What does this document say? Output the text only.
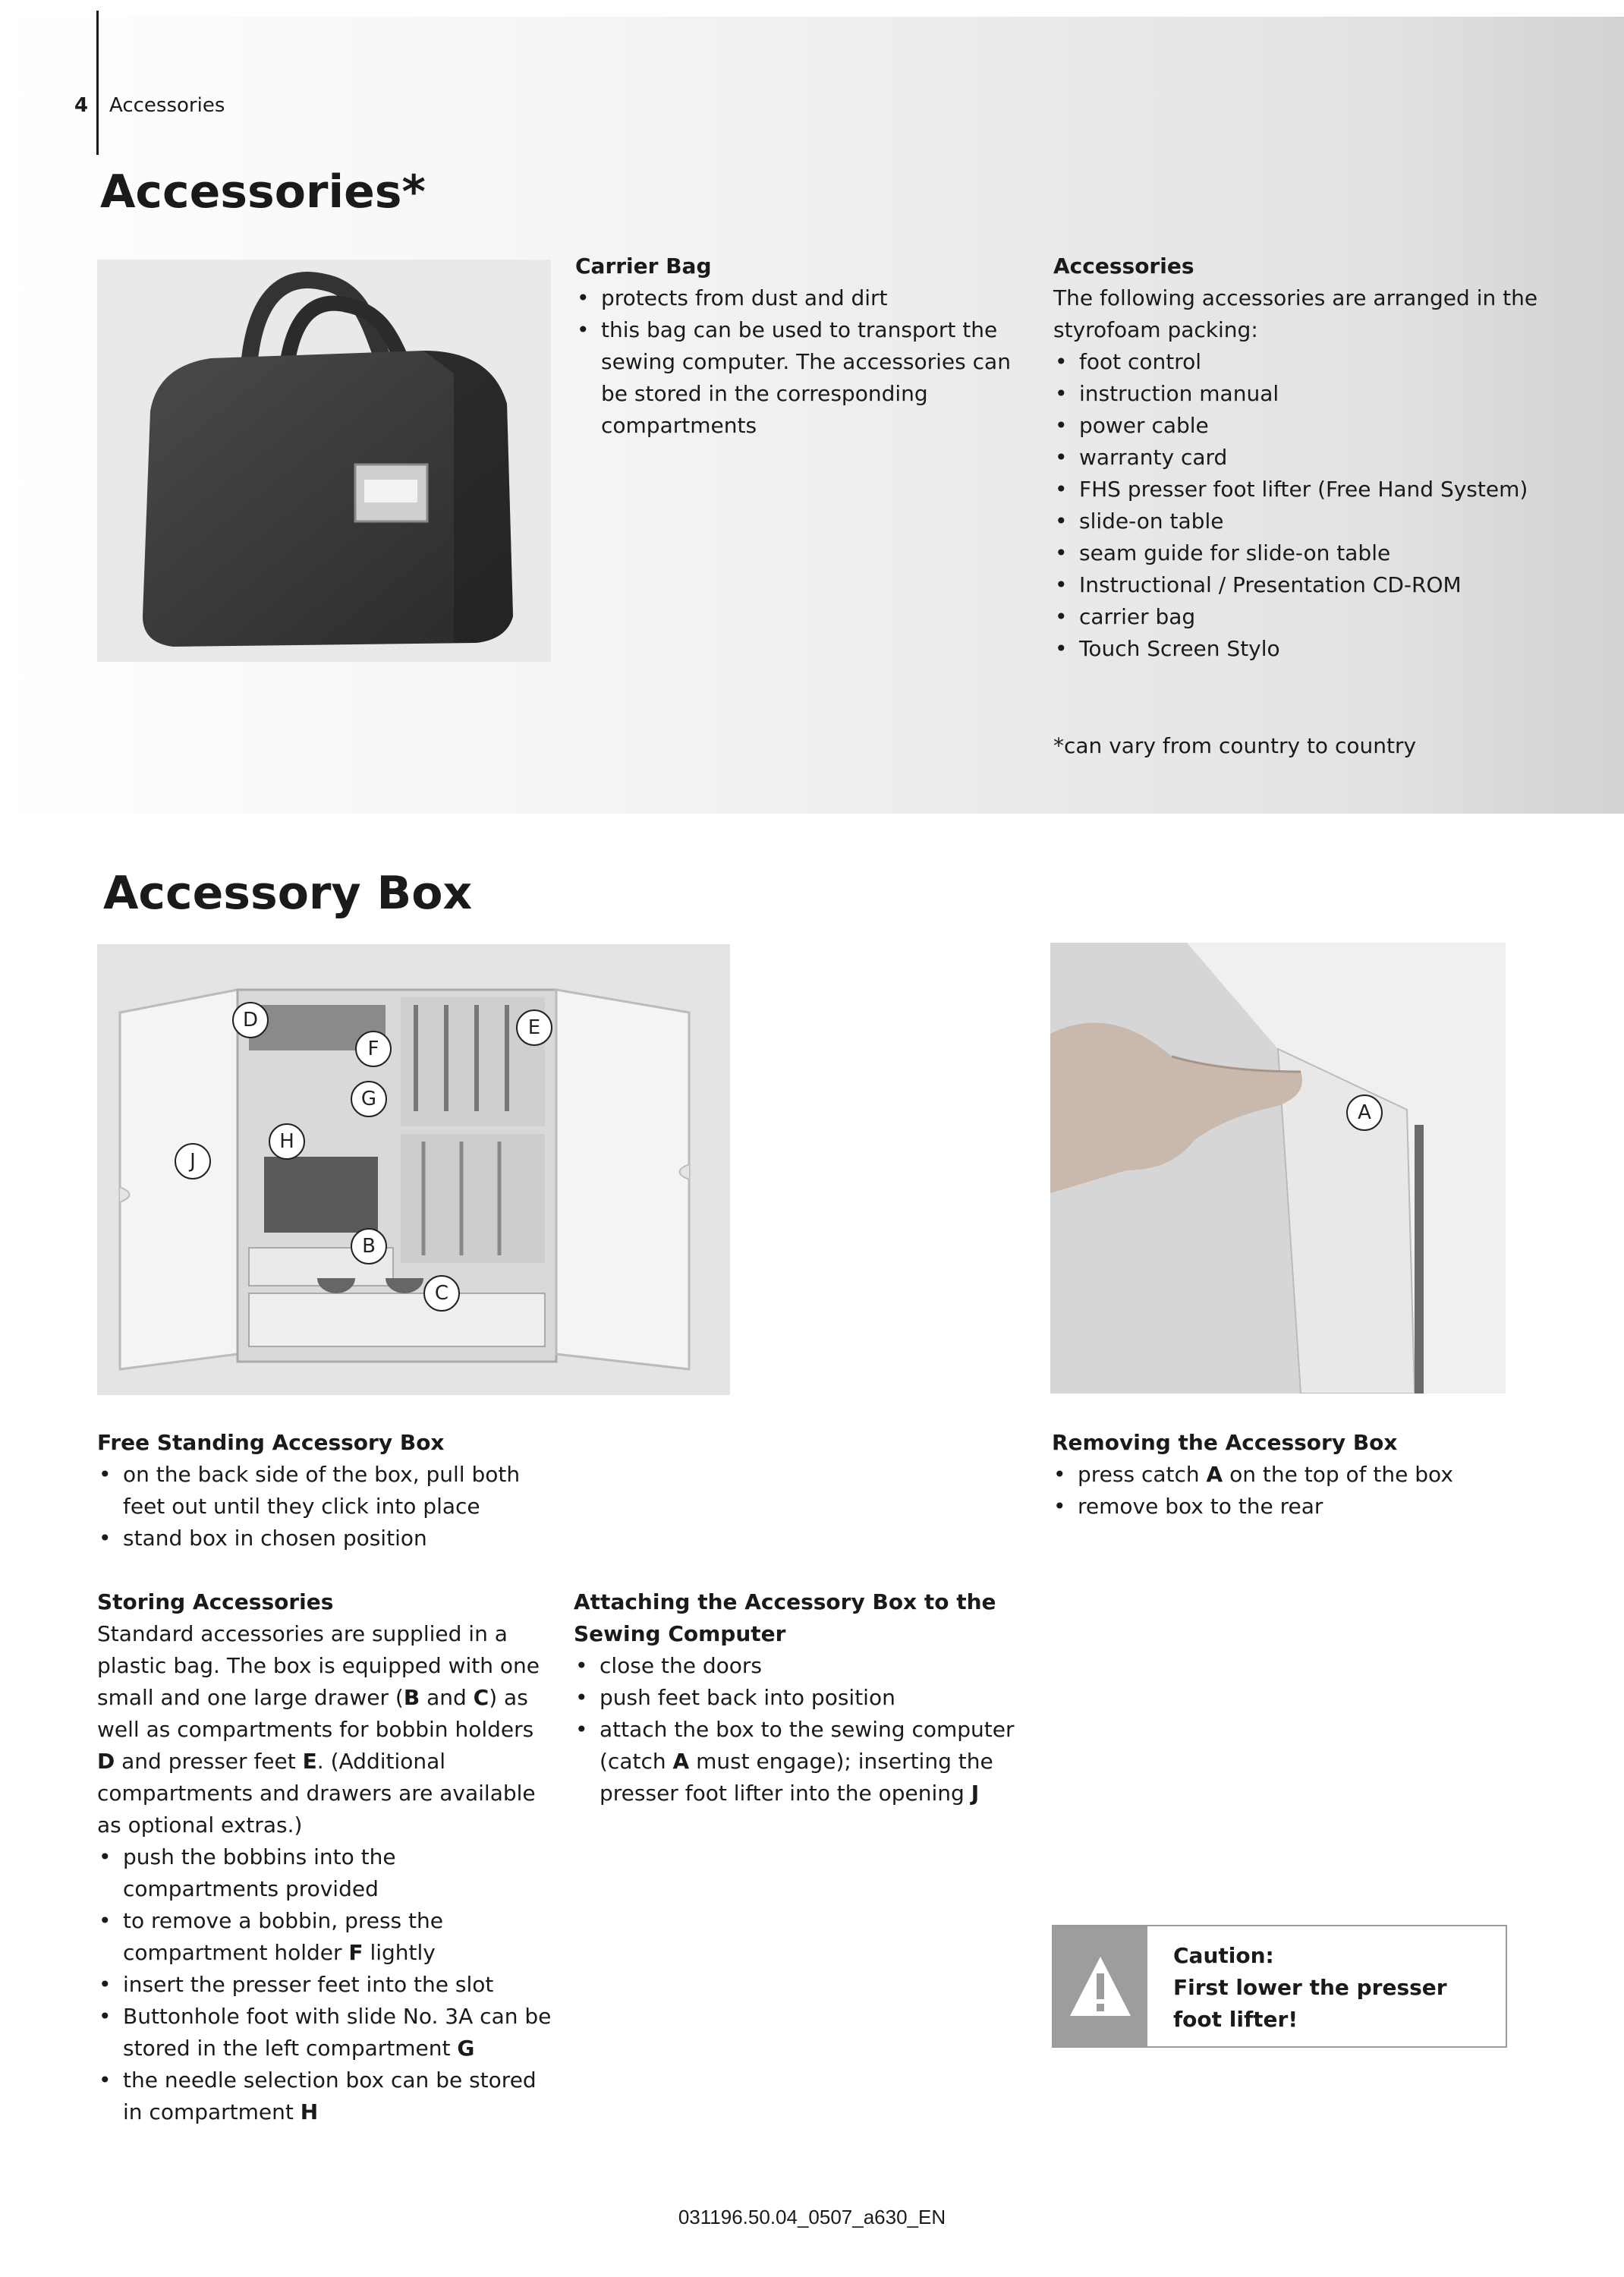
4 Accessories
Accessories*
Carrier Bag
• protects from dust and dirt
• this bag can be used to transport the sewing computer. The accessories can be stored in the corresponding compartments
Accessories
The following accessories are arranged in the styrofoam packing:
• foot control
• instruction manual
• power cable
• warranty card
• FHS presser foot lifter (Free Hand System)
• slide-on table
• seam guide for slide-on table
• Instructional / Presentation CD-ROM
• carrier bag
• Touch Screen Stylo
*can vary from country to country
Accessory Box
D	E
F
G
H
J
B
C
A
Free Standing Accessory Box
• on the back side of the box, pull both feet out until they click into place
• stand box in chosen position
Removing the Accessory Box
• press catch A on the top of the box
• remove box to the rear
Storing Accessories
Standard accessories are supplied in a plastic bag. The box is equipped with one small and one large drawer (B and C) as well as compartments for bobbin holders D and presser feet E. (Additional compartments and drawers are available as optional extras.)
• push the bobbins into the compartments provided
• to remove a bobbin, press the compartment holder F lightly
• insert the presser feet into the slot
• Buttonhole foot with slide No. 3A can be stored in the left compartment G
• the needle selection box can be stored in compartment H
Attaching the Accessory Box to the
Sewing Computer
• close the doors
• push feet back into position
• attach the box to the sewing computer (catch A must engage); inserting the presser foot lifter into the opening J
Caution:
First lower the presser foot lifter!
031196.50.04_0507_a630_EN
